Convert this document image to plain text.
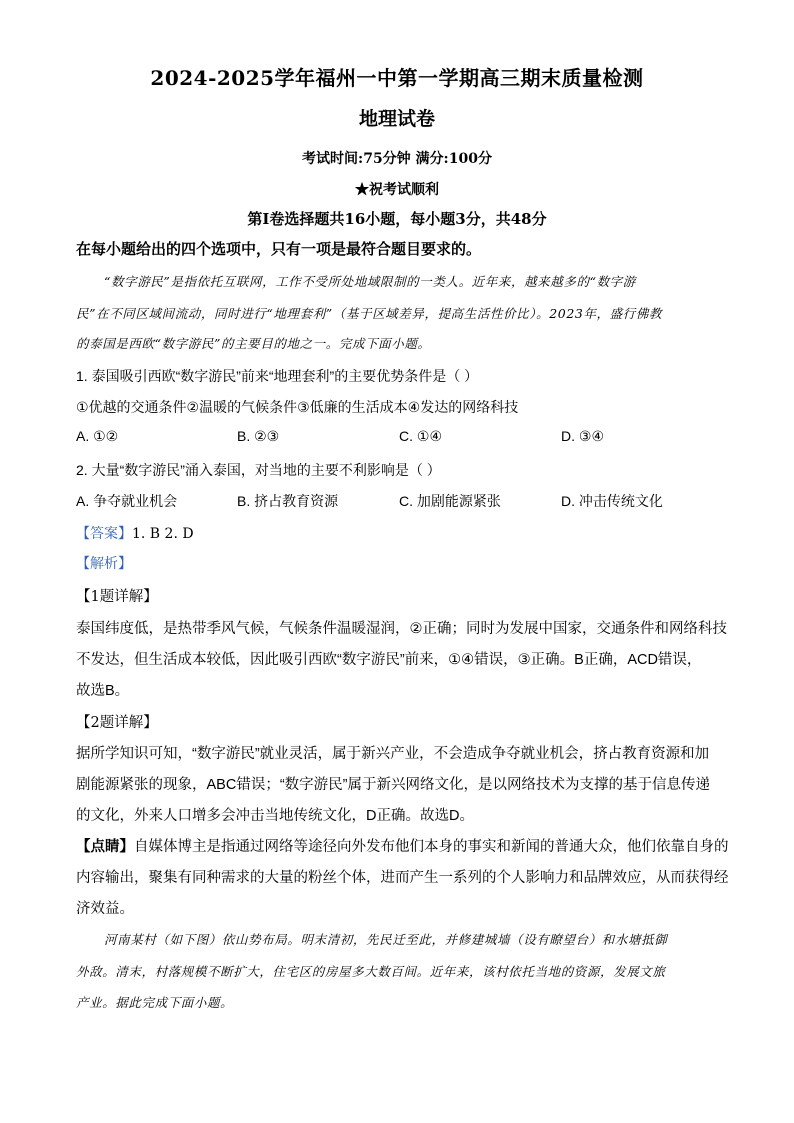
2024-2025学年福州一中第一学期高三期末质量检测
地理试卷
考试时间:75分钟 满分:100分
★祝考试顺利
第Ⅰ卷选择题共16小题，每小题3分，共48分
在每小题给出的四个选项中，只有一项是最符合题目要求的。
“数字游民”是指依托互联网，工作不受所处地域限制的一类人。近年来，越来越多的“数字游
民”在不同区域间流动，同时进行“地理套利”（基于区域差异，提高生活性价比）。2023年，盛行佛教
的泰国是西欧“数字游民”的主要目的地之一。完成下面小题。
1. 泰国吸引西欧“数字游民”前来“地理套利”的主要优势条件是（ ）
①优越的交通条件②温暖的气候条件③低廉的生活成本④发达的网络科技
A. ①②	B. ②③	C. ①④	D. ③④
2. 大量“数字游民”涌入泰国，对当地的主要不利影响是（ ）
A. 争夺就业机会	B. 挤占教育资源	C. 加剧能源紧张	D. 冲击传统文化
【答案】1. B 2. D
【解析】
【1题详解】
泰国纬度低，是热带季风气候，气候条件温暖湿润，②正确；同时为发展中国家，交通条件和网络科技
不发达，但生活成本较低，因此吸引西欧“数字游民”前来，①④错误，③正确。B正确，ACD错误，
故选B。
【2题详解】
据所学知识可知，“数字游民”就业灵活，属于新兴产业，不会造成争夺就业机会，挤占教育资源和加
剧能源紧张的现象，ABC错误；“数字游民”属于新兴网络文化，是以网络技术为支撑的基于信息传递
的文化，外来人口增多会冲击当地传统文化，D正确。故选D。
【点睛】自媒体博主是指通过网络等途径向外发布他们本身的事实和新闻的普通大众，他们依靠自身的
内容输出，聚集有同种需求的大量的粉丝个体，进而产生一系列的个人影响力和品牌效应，从而获得经
济效益。
河南某村（如下图）依山势布局。明末清初，先民迁至此，并修建城墙（设有瞭望台）和水塘抵御
外敌。清末，村落规模不断扩大，住宅区的房屋多大数百间。近年来，该村依托当地的资源，发展文旅
产业。据此完成下面小题。
